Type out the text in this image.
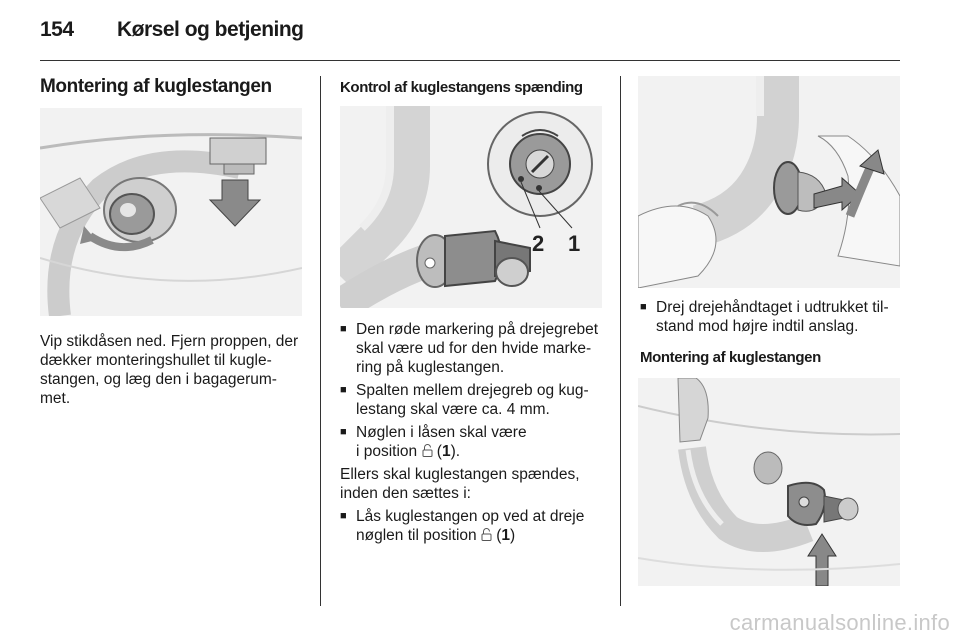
154 Kørsel og betjening
Montering af kuglestangen
Vip stikdåsen ned. Fjern proppen, der
dækker monteringshullet til kugle-
stangen, og læg den i bagagerum-
met.
Kontrol af kuglestangens spænding
2 1
■ Den røde markering på drejegrebet
skal være ud for den hvide marke-
ring på kuglestangen.
■ Spalten mellem drejegreb og kug-
lestang skal være ca. 4 mm.
■ Nøglen i låsen skal være
i position  (1).
Ellers skal kuglestangen spændes,
inden den sættes i:
■ Lås kuglestangen op ved at dreje
nøglen til position  (1)
■ Drej drejehåndtaget i udtrukket til-
stand mod højre indtil anslag.
Montering af kuglestangen
carmanualsonline.info
